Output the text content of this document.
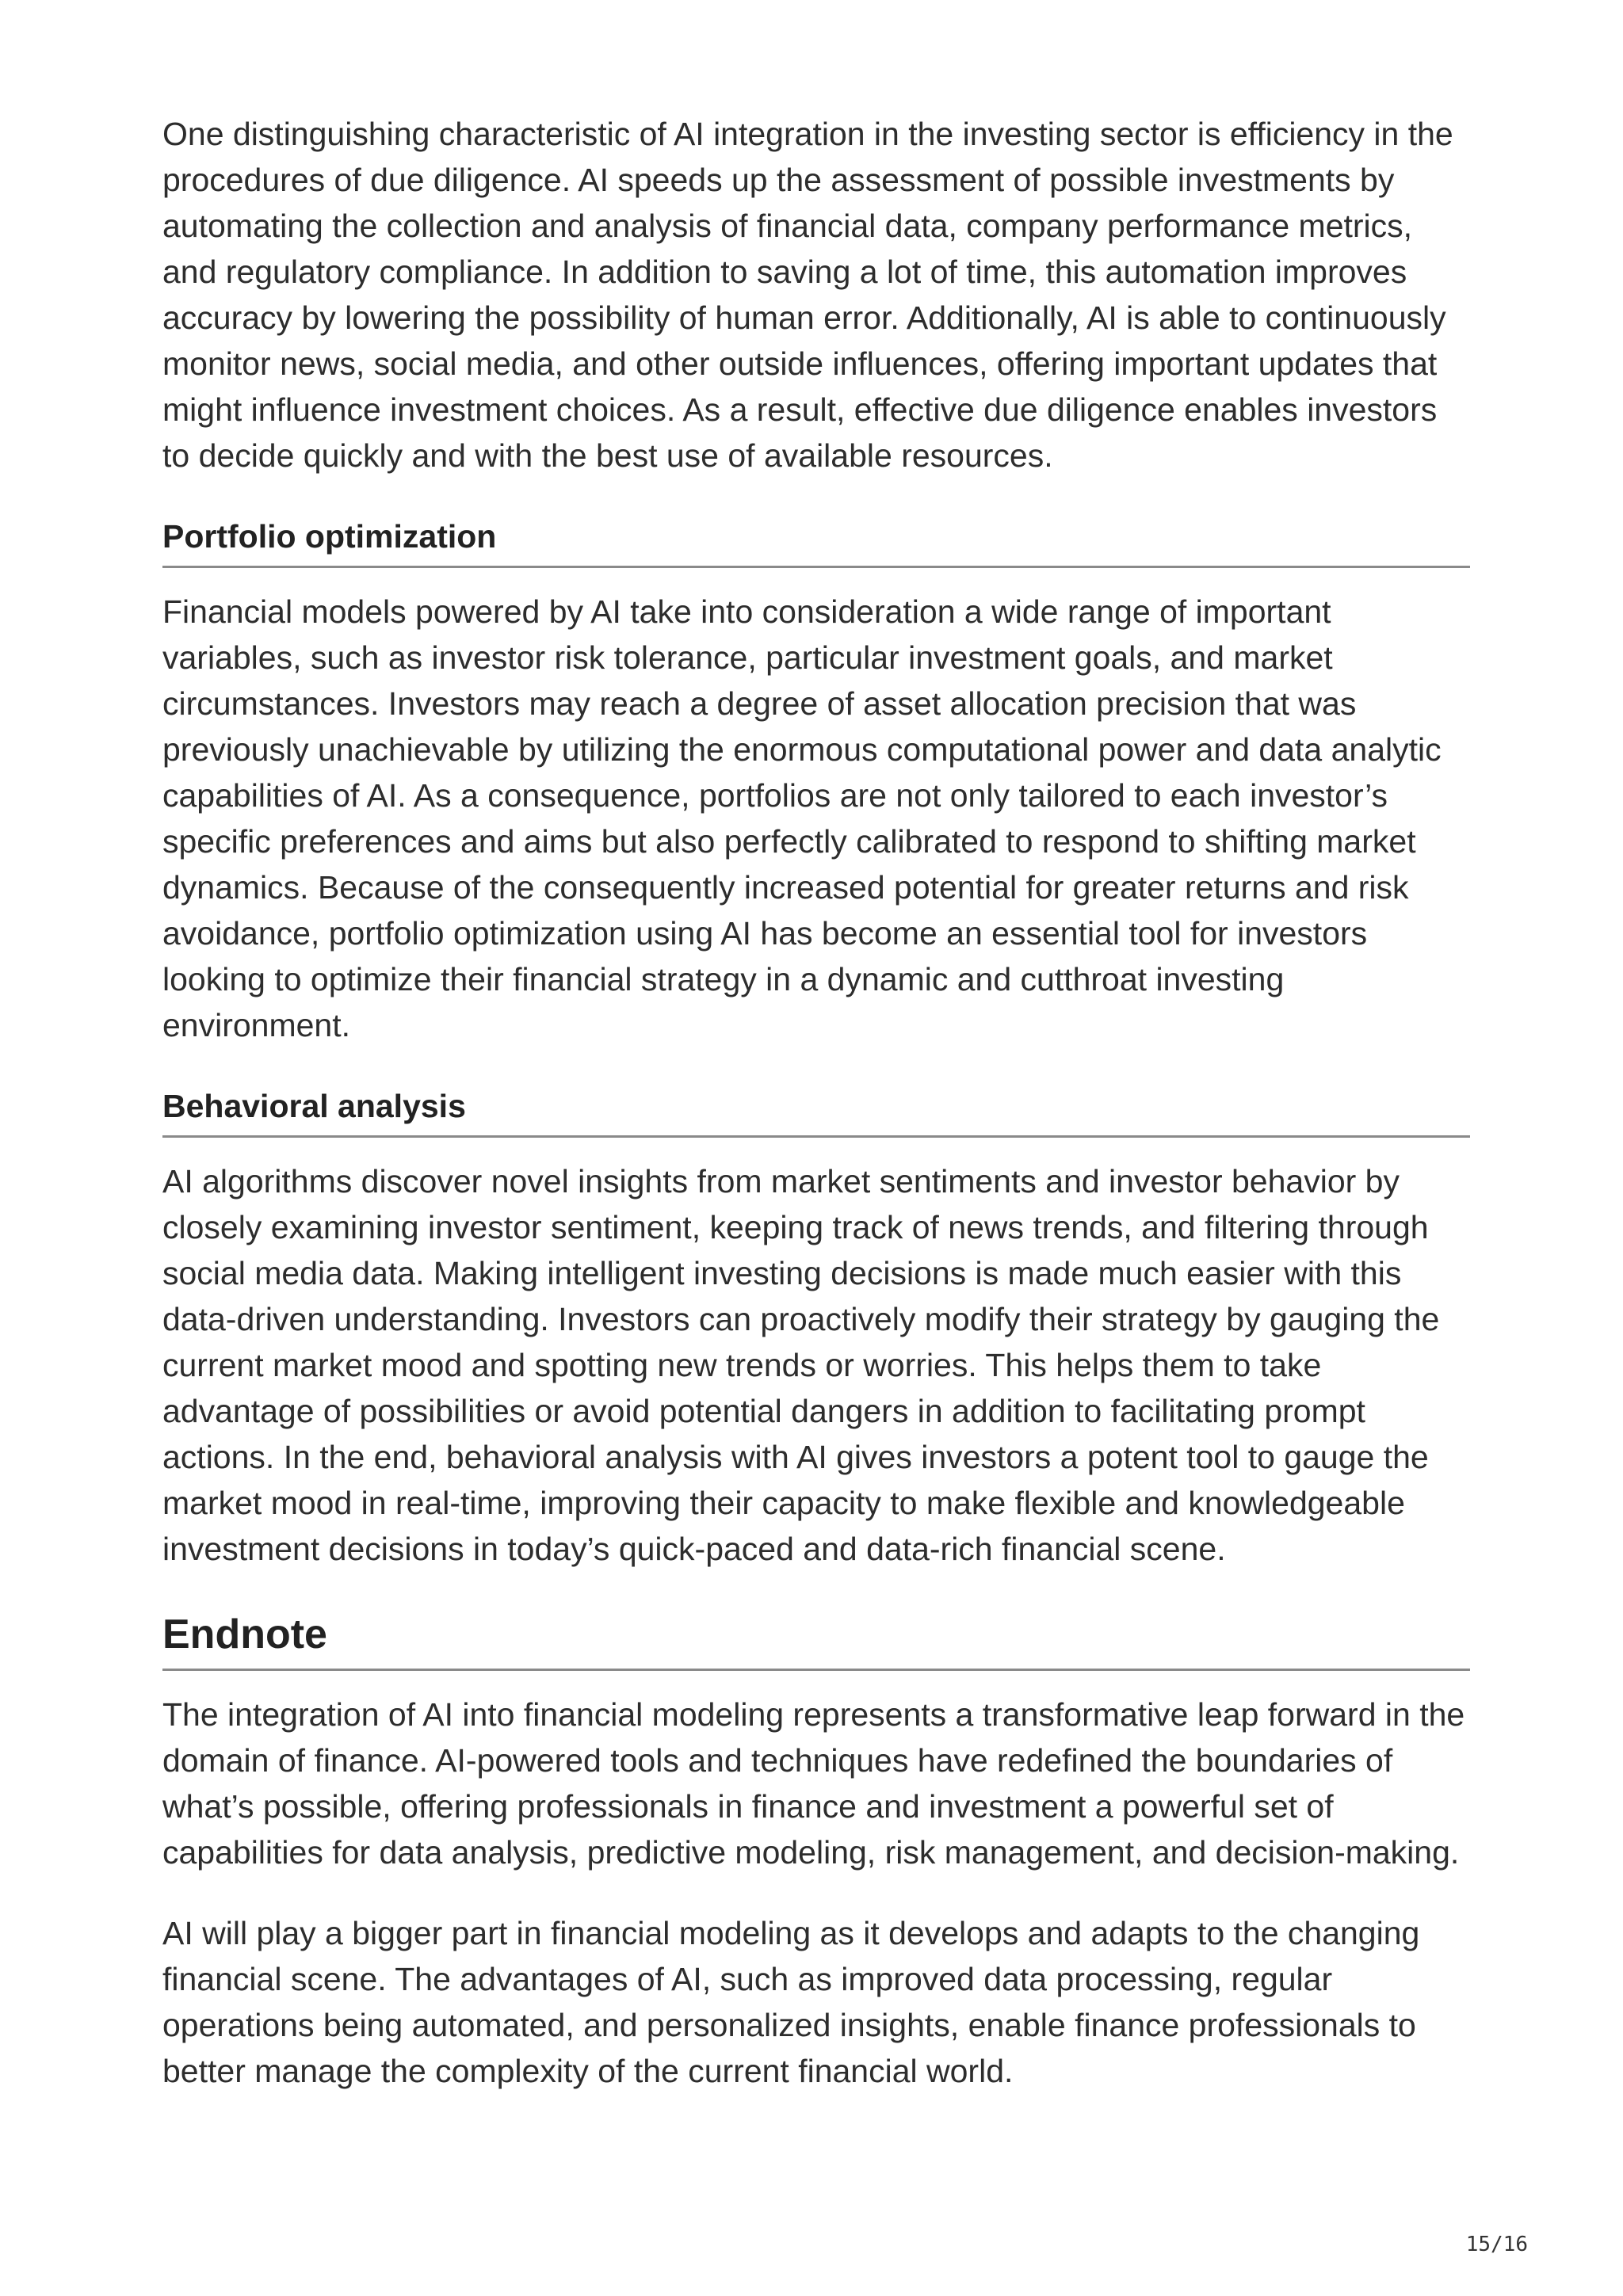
One distinguishing characteristic of AI integration in the investing sector is efficiency in the procedures of due diligence. AI speeds up the assessment of possible investments by automating the collection and analysis of financial data, company performance metrics, and regulatory compliance. In addition to saving a lot of time, this automation improves accuracy by lowering the possibility of human error. Additionally, AI is able to continuously monitor news, social media, and other outside influences, offering important updates that might influence investment choices. As a result, effective due diligence enables investors to decide quickly and with the best use of available resources.

Portfolio optimization

Financial models powered by AI take into consideration a wide range of important variables, such as investor risk tolerance, particular investment goals, and market circumstances. Investors may reach a degree of asset allocation precision that was previously unachievable by utilizing the enormous computational power and data analytic capabilities of AI. As a consequence, portfolios are not only tailored to each investor’s specific preferences and aims but also perfectly calibrated to respond to shifting market dynamics. Because of the consequently increased potential for greater returns and risk avoidance, portfolio optimization using AI has become an essential tool for investors looking to optimize their financial strategy in a dynamic and cutthroat investing environment.

Behavioral analysis

AI algorithms discover novel insights from market sentiments and investor behavior by closely examining investor sentiment, keeping track of news trends, and filtering through social media data. Making intelligent investing decisions is made much easier with this data-driven understanding. Investors can proactively modify their strategy by gauging the current market mood and spotting new trends or worries. This helps them to take advantage of possibilities or avoid potential dangers in addition to facilitating prompt actions. In the end, behavioral analysis with AI gives investors a potent tool to gauge the market mood in real-time, improving their capacity to make flexible and knowledgeable investment decisions in today’s quick-paced and data-rich financial scene.

Endnote

The integration of AI into financial modeling represents a transformative leap forward in the domain of finance. AI-powered tools and techniques have redefined the boundaries of what’s possible, offering professionals in finance and investment a powerful set of capabilities for data analysis, predictive modeling, risk management, and decision-making.

AI will play a bigger part in financial modeling as it develops and adapts to the changing financial scene. The advantages of AI, such as improved data processing, regular operations being automated, and personalized insights, enable finance professionals to better manage the complexity of the current financial world.

15/16
